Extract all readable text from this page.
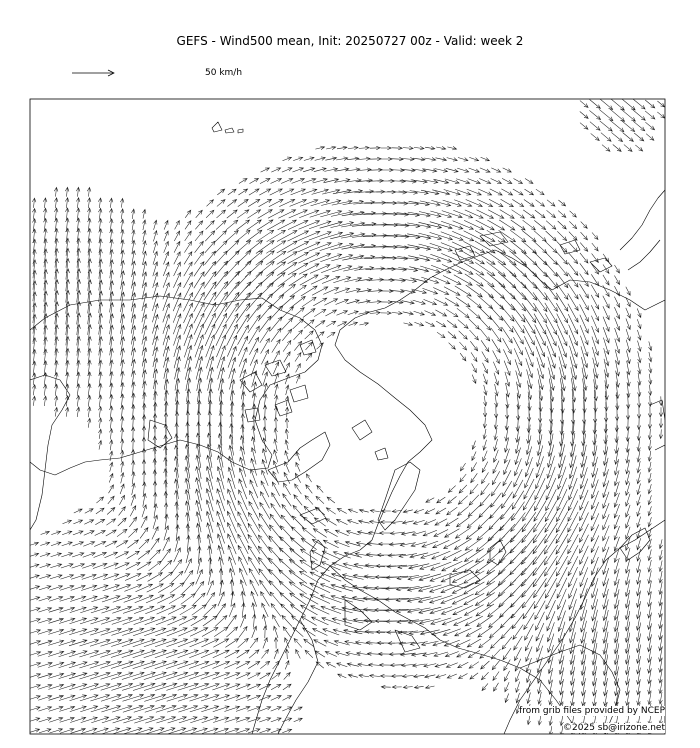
GEFS - Wind500 mean, Init: 20250727 00z - Valid: week 2
50 km/h
from grib files provided by NCEP
©2025 sb@irizone.net
